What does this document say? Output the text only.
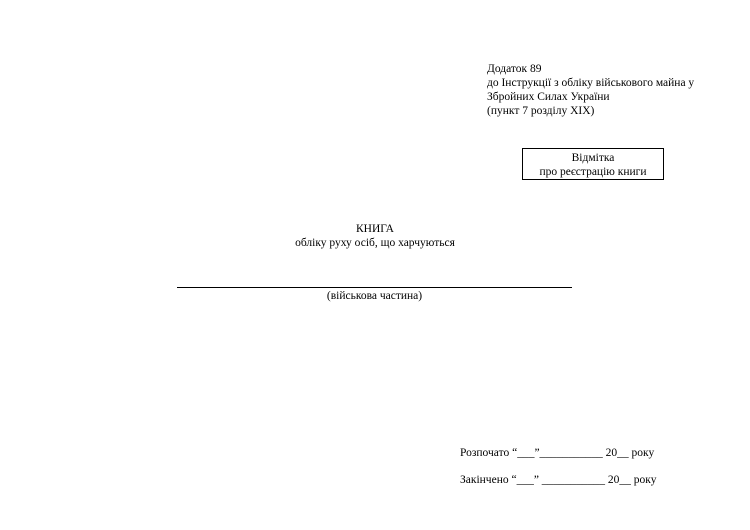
Додаток 89
до Інструкції з обліку військового майна у
Збройних Силах України
(пункт 7 розділу ХІХ)
Відмітка
про реєстрацію книги
КНИГА
обліку руху осіб, що харчуються
(військова частина)
Розпочато “___”___________ 20__ року
Закінчено “___” ___________ 20__ року
